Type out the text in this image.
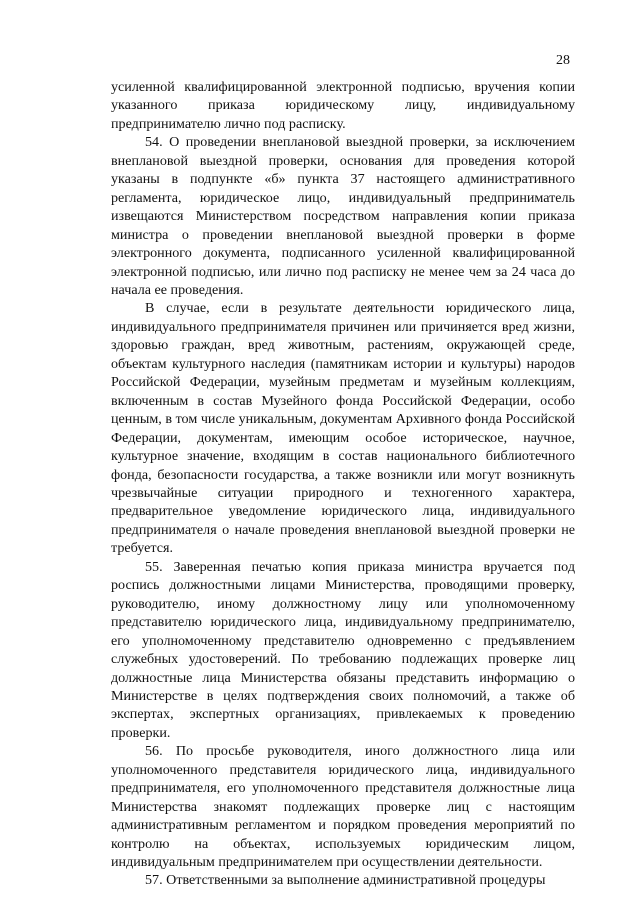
28

усиленной квалифицированной электронной подписью, вручения копии указанного приказа юридическому лицу, индивидуальному предпринимателю лично под расписку.

54. О проведении внеплановой выездной проверки, за исключением внеплановой выездной проверки, основания для проведения которой указаны в подпункте «б» пункта 37 настоящего административного регламента, юридическое лицо, индивидуальный предприниматель извещаются Министерством посредством направления копии приказа министра о проведении внеплановой выездной проверки в форме электронного документа, подписанного усиленной квалифицированной электронной подписью, или лично под расписку не менее чем за 24 часа до начала ее проведения.

В случае, если в результате деятельности юридического лица, индивидуального предпринимателя причинен или причиняется вред жизни, здоровью граждан, вред животным, растениям, окружающей среде, объектам культурного наследия (памятникам истории и культуры) народов Российской Федерации, музейным предметам и музейным коллекциям, включенным в состав Музейного фонда Российской Федерации, особо ценным, в том числе уникальным, документам Архивного фонда Российской Федерации, документам, имеющим особое историческое, научное, культурное значение, входящим в состав национального библиотечного фонда, безопасности государства, а также возникли или могут возникнуть чрезвычайные ситуации природного и техногенного характера, предварительное уведомление юридического лица, индивидуального предпринимателя о начале проведения внеплановой выездной проверки не требуется.

55. Заверенная печатью копия приказа министра вручается под роспись должностными лицами Министерства, проводящими проверку, руководителю, иному должностному лицу или уполномоченному представителю юридического лица, индивидуальному предпринимателю, его уполномоченному представителю одновременно с предъявлением служебных удостоверений. По требованию подлежащих проверке лиц должностные лица Министерства обязаны представить информацию о Министерстве в целях подтверждения своих полномочий, а также об экспертах, экспертных организациях, привлекаемых к проведению проверки.

56. По просьбе руководителя, иного должностного лица или уполномоченного представителя юридического лица, индивидуального предпринимателя, его уполномоченного представителя должностные лица Министерства знакомят подлежащих проверке лиц с настоящим административным регламентом и порядком проведения мероприятий по контролю на объектах, используемых юридическим лицом, индивидуальным предпринимателем при осуществлении деятельности.

57. Ответственными за выполнение административной процедуры
